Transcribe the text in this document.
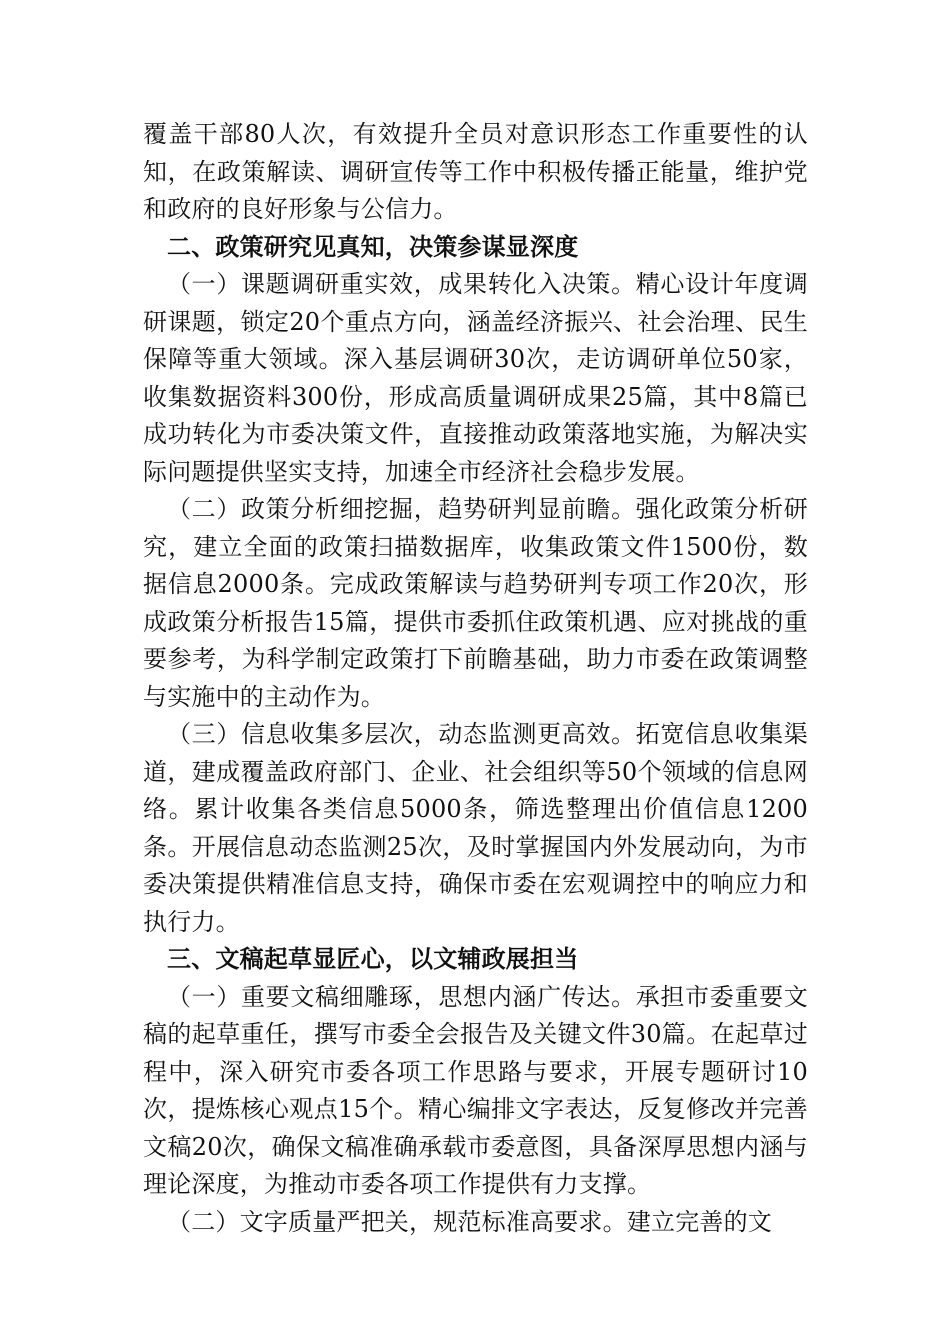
覆盖干部80人次，有效提升全员对意识形态工作重要性的认知，在政策解读、调研宣传等工作中积极传播正能量，维护党和政府的良好形象与公信力。

二、政策研究见真知，决策参谋显深度

（一）课题调研重实效，成果转化入决策。精心设计年度调研课题，锁定20个重点方向，涵盖经济振兴、社会治理、民生保障等重大领域。深入基层调研30次，走访调研单位50家，收集数据资料300份，形成高质量调研成果25篇，其中8篇已成功转化为市委决策文件，直接推动政策落地实施，为解决实际问题提供坚实支持，加速全市经济社会稳步发展。

（二）政策分析细挖掘，趋势研判显前瞻。强化政策分析研究，建立全面的政策扫描数据库，收集政策文件1500份，数据信息2000条。完成政策解读与趋势研判专项工作20次，形成政策分析报告15篇，提供市委抓住政策机遇、应对挑战的重要参考，为科学制定政策打下前瞻基础，助力市委在政策调整与实施中的主动作为。

（三）信息收集多层次，动态监测更高效。拓宽信息收集渠道，建成覆盖政府部门、企业、社会组织等50个领域的信息网络。累计收集各类信息5000条，筛选整理出价值信息1200条。开展信息动态监测25次，及时掌握国内外发展动向，为市委决策提供精准信息支持，确保市委在宏观调控中的响应力和执行力。

三、文稿起草显匠心，以文辅政展担当

（一）重要文稿细雕琢，思想内涵广传达。承担市委重要文稿的起草重任，撰写市委全会报告及关键文件30篇。在起草过程中，深入研究市委各项工作思路与要求，开展专题研讨10次，提炼核心观点15个。精心编排文字表达，反复修改并完善文稿20次，确保文稿准确承载市委意图，具备深厚思想内涵与理论深度，为推动市委各项工作提供有力支撑。

（二）文字质量严把关，规范标准高要求。建立完善的文
